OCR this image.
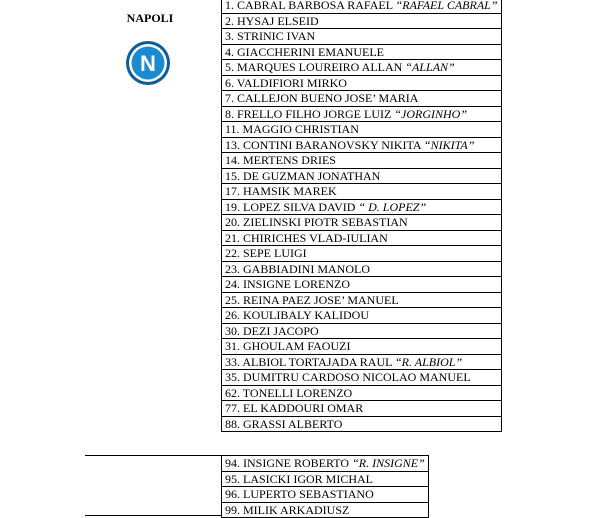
NAPOLI
N
1. CABRAL BARBOSA RAFAEL “RAFAEL CABRAL”
2. HYSAJ ELSEID
3. STRINIC IVAN
4. GIACCHERINI EMANUELE
5. MARQUES LOUREIRO ALLAN “ALLAN”
6. VALDIFIORI MIRKO
7. CALLEJON BUENO JOSE’ MARIA
8. FRELLO FILHO JORGE LUIZ “JORGINHO”
11. MAGGIO CHRISTIAN
13. CONTINI BARANOVSKY NIKITA “NIKITA”
14. MERTENS DRIES
15. DE GUZMAN JONATHAN
17. HAMSIK MAREK
19. LOPEZ SILVA DAVID “ D. LOPEZ”
20. ZIELINSKI PIOTR SEBASTIAN
21. CHIRICHES VLAD-IULIAN
22. SEPE LUIGI
23. GABBIADINI MANOLO
24. INSIGNE LORENZO
25. REINA PAEZ JOSE’ MANUEL
26. KOULIBALY KALIDOU
30. DEZI JACOPO
31. GHOULAM FAOUZI
33. ALBIOL TORTAJADA RAUL “R. ALBIOL”
35. DUMITRU CARDOSO NICOLAO MANUEL
62. TONELLI LORENZO
77. EL KADDOURI OMAR
88. GRASSI ALBERTO
94. INSIGNE ROBERTO “R. INSIGNE”
95. LASICKI IGOR MICHAL
96. LUPERTO SEBASTIANO
99. MILIK ARKADIUSZ
